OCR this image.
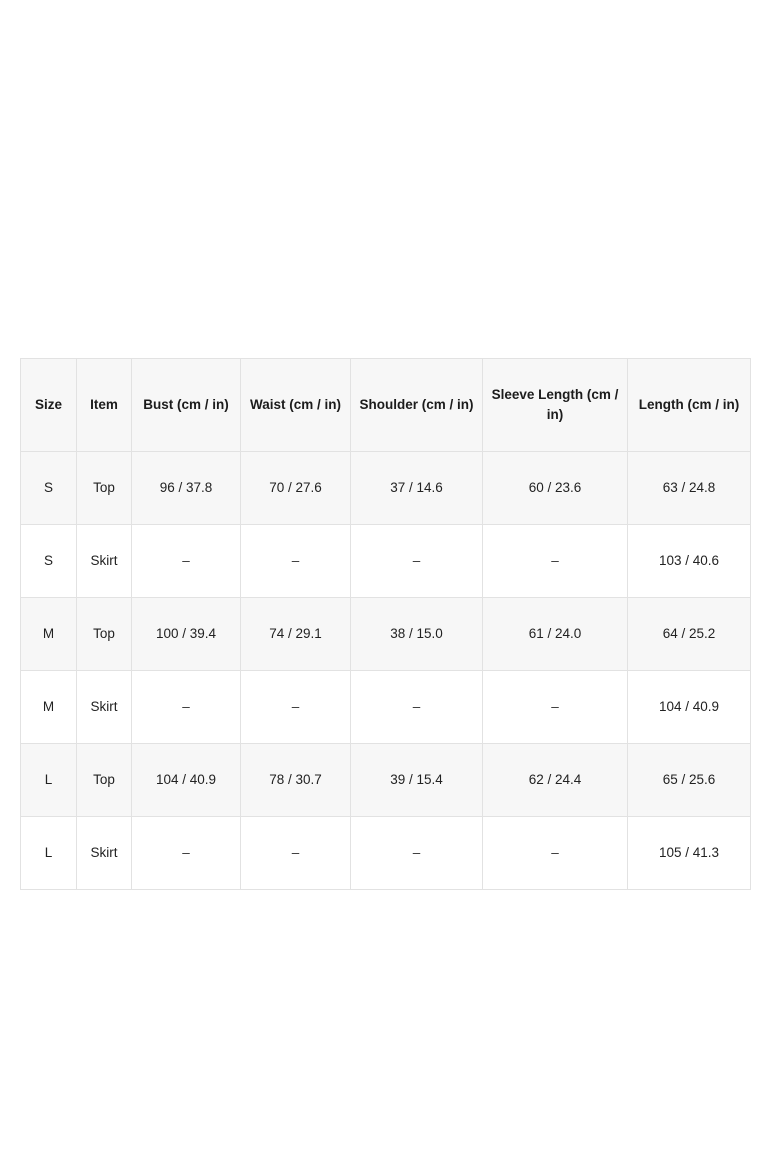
Size	Item	Bust (cm / in)	Waist (cm / in)	Shoulder (cm / in)	Sleeve Length (cm / in)	Length (cm / in)
S	Top	96 / 37.8	70 / 27.6	37 / 14.6	60 / 23.6	63 / 24.8
S	Skirt	–	–	–	–	103 / 40.6
M	Top	100 / 39.4	74 / 29.1	38 / 15.0	61 / 24.0	64 / 25.2
M	Skirt	–	–	–	–	104 / 40.9
L	Top	104 / 40.9	78 / 30.7	39 / 15.4	62 / 24.4	65 / 25.6
L	Skirt	–	–	–	–	105 / 41.3
